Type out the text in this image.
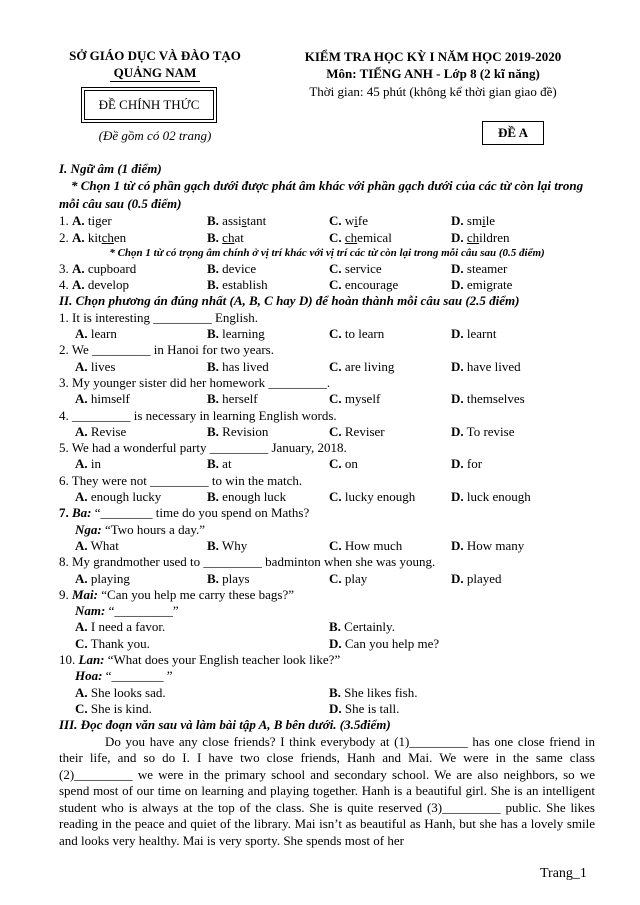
SỞ GIÁO DỤC VÀ ĐÀO TẠO
QUẢNG NAM
ĐỀ CHÍNH THỨC
(Đề gồm có 02 trang)
KIỂM TRA HỌC KỲ I NĂM HỌC 2019-2020
Môn: TIẾNG ANH - Lớp 8 (2 kĩ năng)
Thời gian: 45 phút (không kể thời gian giao đề)
ĐỀ A
I. Ngữ âm (1 điểm)
* Chọn 1 từ có phần gạch dưới được phát âm khác với phần gạch dưới của các từ còn lại trong mỗi câu sau (0.5 điểm)
1. A. tiger	B. assistant	C. wife	D. smile
2. A. kitchen	B. chat	C. chemical	D. children
* Chọn 1 từ có trọng âm chính ở vị trí khác với vị trí các từ còn lại trong mỗi câu sau (0.5 điểm)
3. A. cupboard	B. device	C. service	D. steamer
4. A. develop	B. establish	C. encourage	D. emigrate
II. Chọn phương án đúng nhất (A, B, C hay D) để hoàn thành mỗi câu sau (2.5 điểm)
1. It is interesting _________ English.
A. learn	B. learning	C. to learn	D. learnt
2. We _________ in Hanoi for two years.
A. lives	B. has lived	C. are living	D. have lived
3. My younger sister did her homework _________.
A. himself	B. herself	C. myself	D. themselves
4. _________ is necessary in learning English words.
A. Revise	B. Revision	C. Reviser	D. To revise
5. We had a wonderful party _________ January, 2018.
A. in	B. at	C. on	D. for
6. They were not _________ to win the match.
A. enough lucky	B. enough luck	C. lucky enough	D. luck enough
7. Ba: “________ time do you spend on Maths?
Nga: “Two hours a day.”
A. What	B. Why	C. How much	D. How many
8. My grandmother used to _________ badminton when she was young.
A. playing	B. plays	C. play	D. played
9. Mai: “Can you help me carry these bags?”
Nam: “_________”
A. I need a favor.	B. Certainly.
C. Thank you.	D. Can you help me?
10. Lan: “What does your English teacher look like?”
Hoa: “________ ”
A. She looks sad.	B. She likes fish.
C. She is kind.	D. She is tall.
III. Đọc đoạn văn sau và làm bài tập A, B bên dưới. (3.5điểm)
Do you have any close friends? I think everybody at (1)_________ has one close friend in their life, and so do I. I have two close friends, Hanh and Mai. We were in the same class (2)_________ we were in the primary school and secondary school. We are also neighbors, so we spend most of our time on learning and playing together. Hanh is a beautiful girl. She is an intelligent student who is always at the top of the class. She is quite reserved (3)_________ public. She likes reading in the peace and quiet of the library. Mai isn’t as beautiful as Hanh, but she has a lovely smile and looks very healthy. Mai is very sporty. She spends most of her
Trang_1
